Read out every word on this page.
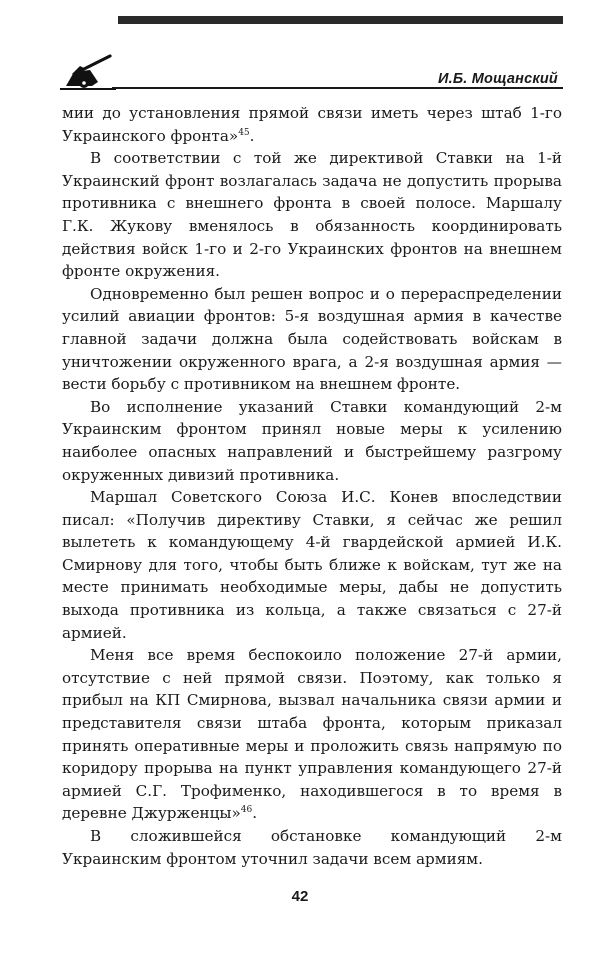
И.Б. Мощанский

мии до установления прямой связи иметь через штаб 1-го Украинского фронта»$^{45}$.

В соответствии с той же директивой Ставки на 1-й Украинский фронт возлагалась задача не допустить прорыва противника с внешнего фронта в своей полосе. Маршалу Г.К. Жукову вменялось в обязанность координировать действия войск 1-го и 2-го Украинских фронтов на внешнем фронте окружения.

Одновременно был решен вопрос и о перераспределении усилий авиации фронтов: 5-я воздушная армия в качестве главной задачи должна была содействовать войскам в уничтожении окруженного врага, а 2-я воздушная армия — вести борьбу с противником на внешнем фронте.

Во исполнение указаний Ставки командующий 2-м Украинским фронтом принял новые меры к усилению наиболее опасных направлений и быстрейшему разгрому окруженных дивизий противника.

Маршал Советского Союза И.С. Конев впоследствии писал: «Получив директиву Ставки, я сейчас же решил вылететь к командующему 4-й гвардейской армией И.К. Смирнову для того, чтобы быть ближе к войскам, тут же на месте принимать необходимые меры, дабы не допустить выхода противника из кольца, а также связаться с 27-й армией.

Меня все время беспокоило положение 27-й армии, отсутствие с ней прямой связи. Поэтому, как только я прибыл на КП Смирнова, вызвал начальника связи армии и представителя связи штаба фронта, которым приказал принять оперативные меры и проложить связь напрямую по коридору прорыва на пункт управления командующего 27-й армией С.Г. Трофименко, находившегося в то время в деревне Джурженцы»$^{46}$.

В сложившейся обстановке командующий 2-м Украинским фронтом уточнил задачи всем армиям.

42
